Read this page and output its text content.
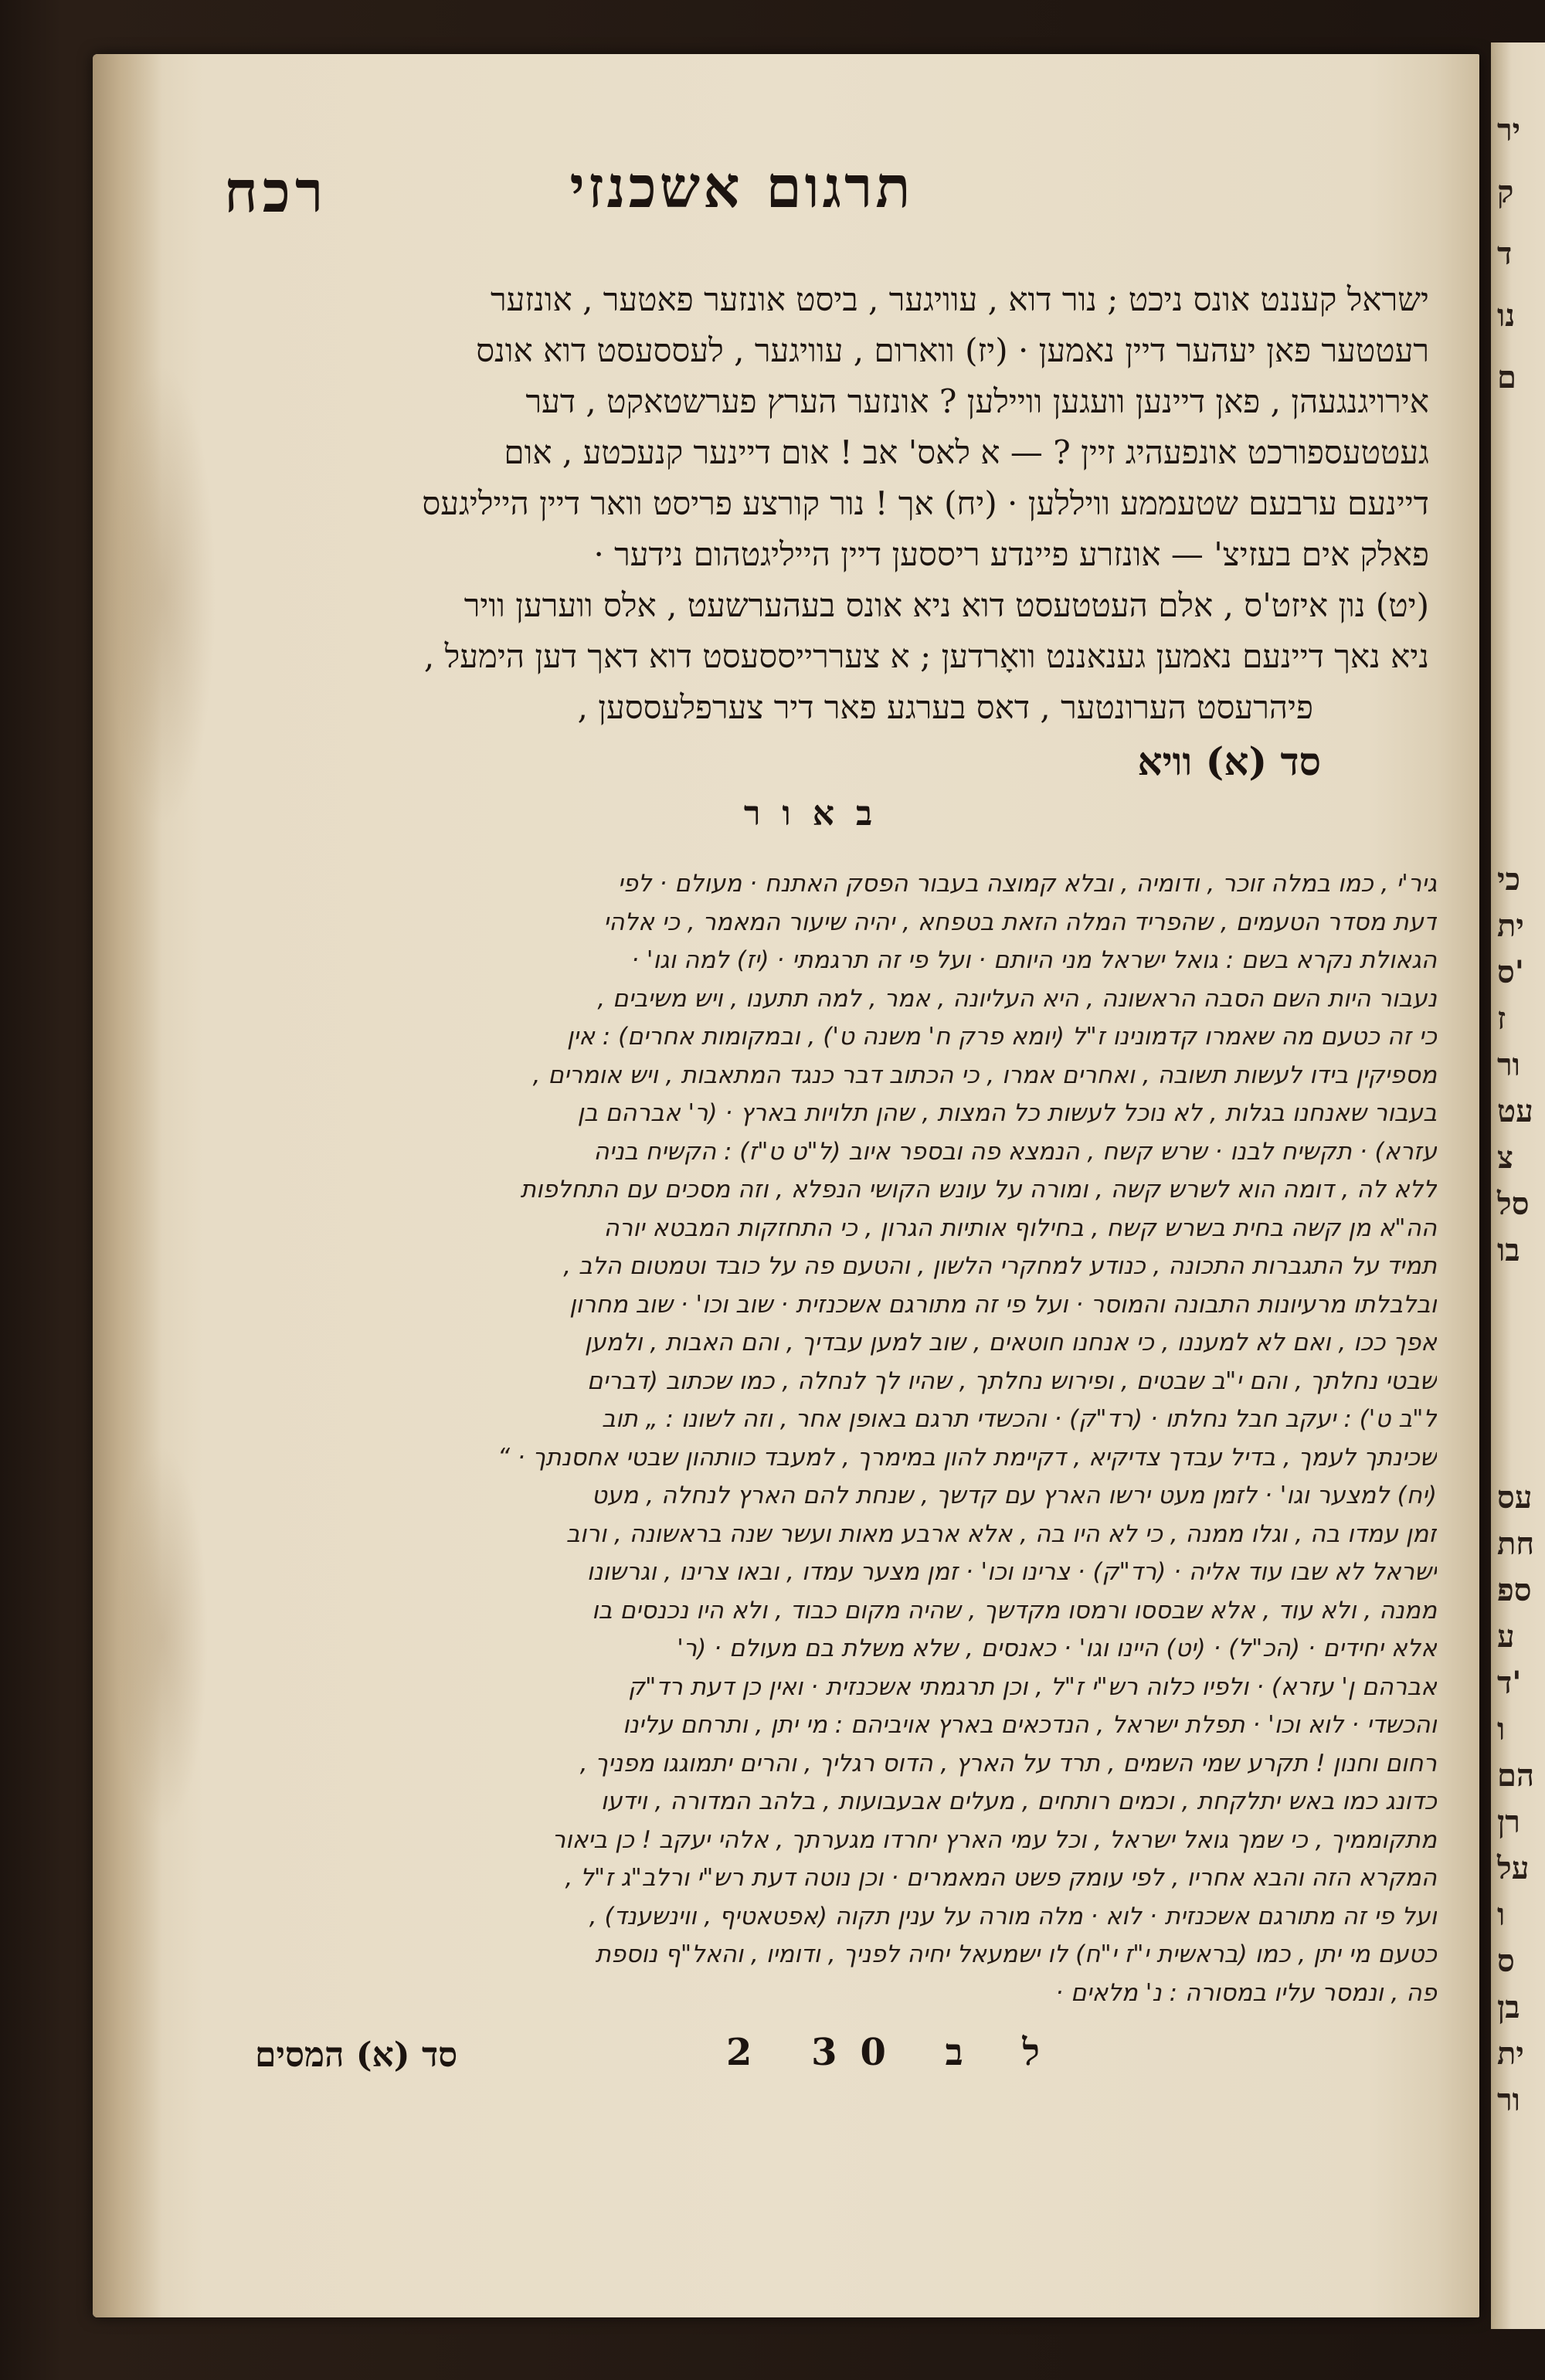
יר
ק
ד
נו
ם
כי
ית
ס'
ז
ור
עט
צ
סל
בו
עס
חת
ספ
ע
ד'
ו
הם
רן
על
ו
ס
בן
ית
ור
תרגום אשכנזי
רכח
ישראל קעננט אונס ניכט ; נור דוא , עוויגער , ביסט אונזער פאטער , אונזער
רעטטער פאן יעהער דיין נאמען · (יז) ווארום , עוויגער , לעססעסט דוא אונס
אירויגנגעהן , פאן דיינען וועגען וויילען ? אונזער הערץ פערשטאקט , דער
געטטעספורכט אונפעהיג זיין ? — א לאס' אב ! אום דיינער קנעכטע , אום
דיינעם ערבעם שטעממע וויללען · (יח) אך ! נור קורצע פריסט וואר דיין הייליגעס
פאלק אים בעזיצ' — אונזרע פיינדע ריססען דיין הייליגטהום נידער ·
(יט) נון איזט'ס , אלם העטטעסט דוא ניא אונס בעהערשעט , אלס ווערען וויר
ניא נאך דיינעם נאמען גענאננט וואָרדען ; א צעררייססעסט דוא דאך דען הימעל ,
פיהרעסט הערונטער , דאס בערגע פאר דיר צערפלעססען ,
סד (א) וויא
באור
גיר'י , כמו במלה זוכר , ודומיה , ובלא קמוצה בעבור הפסק האתנח · מעולם · לפי
דעת מסדר הטעמים , שהפריד המלה הזאת בטפחא , יהיה שיעור המאמר , כי אלהי
הגאולת נקרא בשם : גואל ישראל מני היותם · ועל פי זה תרגמתי · (יז) למה וגו' ·
נעבור היות השם הסבה הראשונה , היא העליונה , אמר , למה תתענו , ויש משיבים ,
כי זה כטעם מה שאמרו קדמונינו ז"ל (יומא פרק ח' משנה ט') , ובמקומות אחרים) : אין
מספיקין בידו לעשות תשובה , ואחרים אמרו , כי הכתוב דבר כנגד המתאבות , ויש אומרים ,
בעבור שאנחנו בגלות , לא נוכל לעשות כל המצות , שהן תלויות בארץ · (ר' אברהם בן
עזרא) · תקשיח לבנו · שרש קשח , הנמצא פה ובספר איוב (ל"ט ט"ז) : הקשיח בניה
ללא לה , דומה הוא לשרש קשה , ומורה על עונש הקושי הנפלא , וזה מסכים עם התחלפות
הה"א מן קשה בחית בשרש קשח , בחילוף אותיות הגרון , כי התחזקות המבטא יורה
תמיד על התגברות התכונה , כנודע למחקרי הלשון , והטעם פה על כובד וטמטום הלב ,
ובלבלתו מרעיונות התבונה והמוסר · ועל פי זה מתורגם אשכנזית · שוב וכו' · שוב מחרון
אפך ככו , ואם לא למעננו , כי אנחנו חוטאים , שוב למען עבדיך , והם האבות , ולמען
שבטי נחלתך , והם י"ב שבטים , ופירוש נחלתך , שהיו לך לנחלה , כמו שכתוב (דברים
ל"ב ט') : יעקב חבל נחלתו · (רד"ק) · והכשדי תרגם באופן אחר , וזה לשונו : „ תוב
שכינתך לעמך , בדיל עבדך צדיקיא , דקיימת להון במימרך , למעבד כוותהון שבטי אחסנתך · “
(יח) למצער וגו' · לזמן מעט ירשו הארץ עם קדשך , שנחת להם הארץ לנחלה , מעט
זמן עמדו בה , וגלו ממנה , כי לא היו בה , אלא ארבע מאות ועשר שנה בראשונה , ורוב
ישראל לא שבו עוד אליה · (רד"ק) · צרינו וכו' · זמן מצער עמדו , ובאו צרינו , וגרשונו
ממנה , ולא עוד , אלא שבססו ורמסו מקדשך , שהיה מקום כבוד , ולא היו נכנסים בו
אלא יחידים · (הכ"ל) · (יט) היינו וגו' · כאנסים , שלא משלת בם מעולם · (ר'
אברהם ן' עזרא) · ולפיו כלוה רש"י ז"ל , וכן תרגמתי אשכנזית · ואין כן דעת רד"ק
והכשדי · לוא וכו' · תפלת ישראל , הנדכאים בארץ אויביהם : מי יתן , ותרחם עלינו
רחום וחנון ! תקרע שמי השמים , תרד על הארץ , הדוס רגליך , והרים יתמוגגו מפניך ,
כדונג כמו באש יתלקחת , וכמים רותחים , מעלים אבעבועות , בלהב המדורה , וידעו
מתקוממיך , כי שמך גואל ישראל , וכל עמי הארץ יחרדו מגערתך , אלהי יעקב ! כן ביאור
המקרא הזה והבא אחריו , לפי עומק פשט המאמרים · וכן נוטה דעת רש"י ורלב"ג ז"ל ,
ועל פי זה מתורגם אשכנזית · לוא · מלה מורה על ענין תקוה (אפטאטיף , ווינשענד) ,
כטעם מי יתן , כמו (בראשית י"ז י"ח) לו ישמעאל יחיה לפניך , ודומיו , והאל"ף נוספת
פה , ונמסר עליו במסורה : נ' מלאים ·
סד (א) המסים	ל ב 30 2
